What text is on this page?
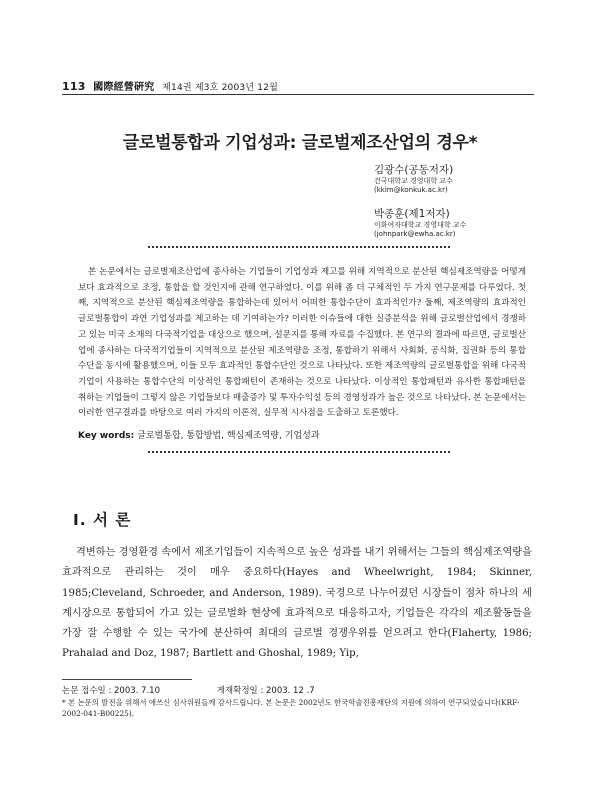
113 國際經營硏究 제14권 제3호 2003년 12월
글로벌통합과 기업성과: 글로벌제조산업의 경우*
김광수(공동저자)
건국대학교 경영대학 교수
(kkim@konkuk.ac.kr)
박종훈(제1저자)
이화여자대학교 경영대학 교수
(johnpark@ewha.ac.kr)

본 논문에서는 글로벌제조산업에 종사하는 기업들이 기업성과 제고를 위해 지역적으로 분산된 핵심제조역량을 어떻게 보다 효과적으로 조정, 통합을 할 것인지에 관해 연구하였다. 이를 위해 좀 더 구체적인 두 가지 연구문제를 다루었다. 첫째, 지역적으로 분산된 핵심제조역량을 통합하는데 있어서 어떠한 통합수단이 효과적인가? 둘째, 제조역량의 효과적인 글로벌통합이 과연 기업성과를 제고하는 데 기여하는가? 이러한 이슈들에 대한 실증분석을 위해 글로벌산업에서 경쟁하고 있는 미국 소재의 다국적기업을 대상으로 했으며, 설문지를 통해 자료를 수집했다. 본 연구의 결과에 따르면, 글로벌산업에 종사하는 다국적기업들이 지역적으로 분산된 제조역량을 조정, 통합하기 위해서 사회화, 공식화, 집권화 등의 통합수단을 동시에 활용했으며, 이들 모두 효과적인 통합수단인 것으로 나타났다. 또한 제조역량의 글로벌통합을 위해 다국적기업이 사용하는 통합수단의 이상적인 통합패턴이 존재하는 것으로 나타났다. 이상적인 통합패턴과 유사한 통합패턴을 취하는 기업들이 그렇지 않은 기업들보다 매출증가 및 투자수익설 등의 경영성과가 높은 것으로 나타났다. 본 논문에서는 이러한 연구결과를 바탕으로 여러 가지의 이론적, 실무적 시사점을 도출하고 토론했다.

Key words: 글로벌통합, 통합방법, 핵심제조역량, 기업성과
I. 서 론

격변하는 경영환경 속에서 제조기업들이 지속적으로 높은 성과를 내기 위해서는 그들의 핵심제조역량을 효과적으로 관리하는 것이 매우 중요하다(Hayes and Wheelwright, 1984; Skinner, 1985;Cleveland, Schroeder, and Anderson, 1989). 국경으로 나누어졌던 시장들이 점차 하나의 세계시장으로 통합되어 가고 있는 글로벌화 현상에 효과적으로 대응하고자, 기업들은 각각의 제조활동들을 가장 잘 수행할 수 있는 국가에 분산하여 최대의 글로벌 경쟁우위를 얻으려고 한다(Flaherty, 1986; Prahalad and Doz, 1987; Bartlett and Ghoshal, 1989; Yip,

논문 접수일 : 2003. 7.10	게재확정일 : 2003. 12 .7

* 본 논문의 발전을 위해서 애쓰신 심사위원들께 감사드립니다. 본 논문은 2002년도 한국학술진흥재단의 지원에 의하여 연구되었습니다(KRF-2002-041-B00225).
